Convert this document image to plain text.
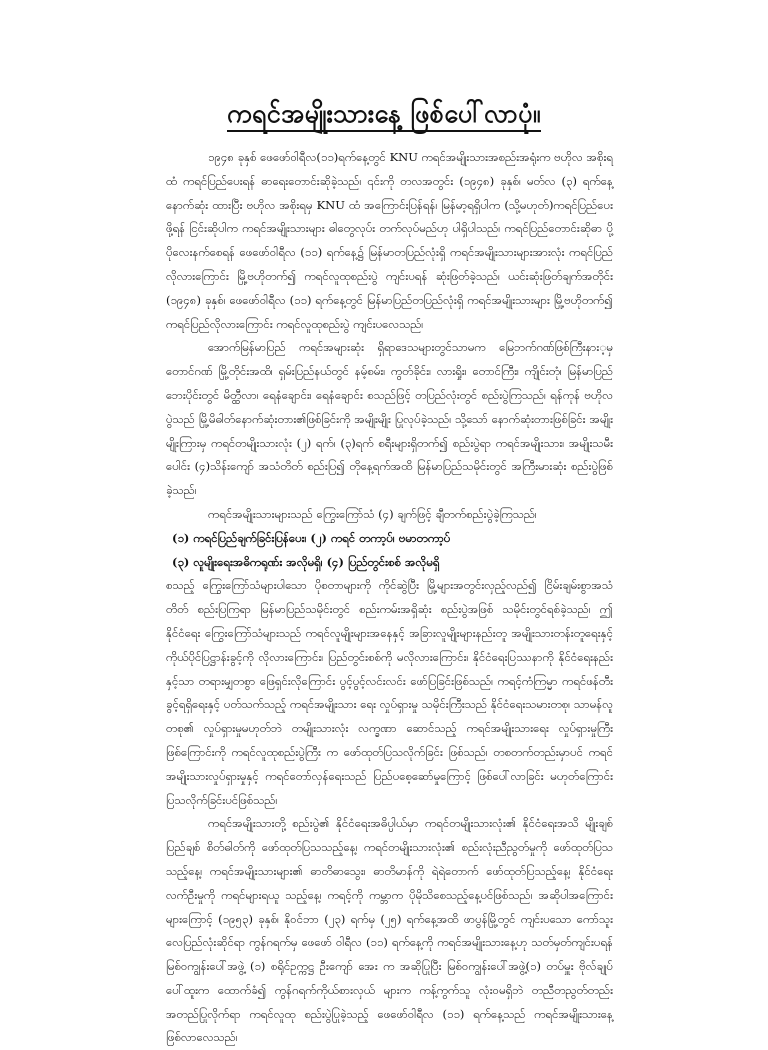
ကရင်အမျိုးသားနေ့ ဖြစ်ပေါ်လာပုံ။

၁၉၄၈ ခုနှစ် ဖေဖော်ဝါရီလ(၁၁)ရက်နေ့တွင် KNU ကရင်အမျိုးသားအစည်းအရုံးက ဗဟိုလ အစိုးရထံ ကရင်ပြည်ပေးရန် ဓာရေးတောင်းဆိုခဲ့သည်၊ ၎င်းကို တလအတွင်း (၁၉၄၈) ခုနှစ်၊ မတ်လ (၃) ရက်နေ့ နောက်ဆုံး ထားပြီး ဗဟိုလ အစိုးရမှ KNU ထံ အကြောင်းပြန်ရန်၊ မြန်မာ့ရရှိပါက (သို့မဟုတ်)ကရင်ပြည်ပေးဖို့ရန် ငြင်းဆိုပါက ကရင်အမျိုးသားများ ဓါတွေလုပ်း တက်လုပ်မည်ဟု ပါရှိပါသည်၊ ကရင်ပြည်တောင်းဆိုဓာ ပို့ပိုလေးနက်စေရန် ဖေဖော်ဝါရီလ (၁၁) ရက်နေ့၌ မြန်မာတပြည်လုံးရှိ ကရင်အမျိုးသားများအားလုံး ကရင်ပြည်လိုလားကြောင်း မြို့ဗဟိုတက်၍ ကရင်လူထုစည်းပွဲ ကျင်းပရန် ဆုံးဖြတ်ခဲ့သည်၊ ယင်းဆုံးဖြတ်ချက်အတိုင်း (၁၉၄၈) ခုနှစ်၊ ဖေဖော်ဝါရီလ (၁၁) ရက်နေ့တွင် မြန်မာပြည်တပြည်လုံးရှိ ကရင်အမျိုးသားများ မြို့ဗဟိုတက်၍ ကရင်ပြည်လိုလားကြောင်း ကရင်လူထုစည်းပွဲ ကျင်းပလေသည်၊

အောက်မြန်မာပြည် ကရင်အများဆုံး ရှိရာဒေသများတွင်သာမက မြေဘက်ဂဏ်ဖြစ်ကြီးနား့မှ တောင်ဂဏ် မြို့တိုင်းအထိ၊ ရှမ်းပြည်နယ်တွင် နမ့်စမ်း၊ ကွတ်ခိုင်း၊ လားရှိုး၊ တောင်ကြီး၊ ကျိုင်းတုံ၊ မြန်မာပြည်ဘေးပိုင်းတွင် မိတ္ထီလာ၊ ရေနံချောင်း၊ ရေနံချောင်း စသည်ဖြင့် တပြည်လုံးတွင် စည်းပွဲကြသည်၊ ရန်ကုန် ဗဟိုလ ပွဲသည် မြို့မိဓါတ်နောက်ဆုံးတား၏ဖြစ်ခြင်းကို အမျိုးမျိုး ပြုလုပ်ခဲ့သည်၊ သို့သော် နောက်ဆုံးတားဖြစ်ခြင်း အမျိုးမျိုးကြားမှ ကရင်တမျိုးသားလုံး (၂) ရက်၊ (၃)ရက် စရီးများရှိတက်၍ စည်းပွဲရာ ကရင်အမျိုးသား၊ အမျိုးသမီးပေါင်း (၄)သိန်းကျော် အသံတိတ် စည်းပြ၍ တိုနေ့ရက်အထိ မြန်မာပြည်သမိုင်းတွင် အကြီးမားဆုံး စည်းပွဲဖြစ်ခဲ့သည်၊

ကရင်အမျိုးသားများသည် ကြွေးကြော်သံ (၄) ချက်ဖြင့် ချီတက်စည်းပွဲခဲ့ကြသည်၊

(၁) ကရင်ပြည်ချက်ခြင်းပြန်ပေး၊ (၂) ကရင် တကာ့ပ်၊ ဗမာတကာ့ပ်

(၃) လူမျိုးရေးအဓိကရုဏ်း အလိုမရှိ၊ (၄) ပြည်တွင်းစစ် အလိုမရှိ

စသည့် ကြွေးကြော်သံများပါသော ပိုစတာများကို ကိုင်ဆွဲပြီး မြို့များအတွင်းလှည့်လည်၍ ငြိမ်းချမ်းစွာအသံတိတ် စည်းပြကြရာ မြန်မာပြည်သမိုင်းတွင် စည်းကမ်းအရှိဆုံး စည်းပွဲအဖြစ် သမိုင်းတွင်ရစ်ခဲ့သည်၊ ဤနိုင်ငံရေး ကြွေးကြော်သံများသည် ကရင်လူမျိုးများအနေနှင့် အခြားလူမျိုးများနည်းတူ အမျိုးသားတန်းတူရေးနှင့် ကိုယ်ပိုင်ပြဋ္ဌာန်းခွင့်ကို လိုလားကြောင်း၊ ပြည်တွင်းစစ်ကို မလိုလားကြောင်း၊ နိုင်ငံရေးပြဿနာကို နိုင်ငံရေးနည်းနှင့်သာ တရားမျှတစွာ ဖြေရှင်းလိုကြောင်း ပွင့်ပွင့်လင်းလင်း ဖော်ပြခြင်းဖြစ်သည်၊ ကရင့်ကံကြမ္မာ ကရင်ဖန်တီးခွင့်ရရှိရေးနှင့် ပတ်သက်သည့် ကရင်အမျိုးသား ရေး လှုပ်ရှားမှု သမိုင်းကြီးသည် နိုင်ငံရေးသမားတစု၊ သာမန်လူတစု၏ လှုပ်ရှားမှုမဟုတ်ဘဲ တမျိုးသားလုံး လက္ခဏာ ဆောင်သည့် ကရင်အမျိုးသားရေး လှုပ်ရှားမှုကြီး ဖြစ်ကြောင်းကို ကရင်လူထုစည်းပွဲကြီး က ဖော်ထုတ်ပြသလိုက်ခြင်း ဖြစ်သည်၊ တစတက်တည်းမှာပင် ကရင်အမျိုးသားလှုပ်ရှားမှုနှင့် ကရင်တော်လှန်ရေးသည် ပြည်ပစေ့ဆော်မှုကြောင့် ဖြစ်ပေါ်လာခြင်း မဟုတ်ကြောင်း ပြသလိုက်ခြင်းပင်ဖြစ်သည်၊

ကရင်အမျိုးသားတို့ စည်းပွဲ၏ နိုင်ငံရေးအဓိပ္ပါယ်မှာ ကရင်တမျိုးသားလုံး၏ နိုင်ငံရေးအသိ မျိုးချစ်ပြည်ချစ် စိတ်ဓါတ်ကို ဖော်ထုတ်ပြသသည့်နေ့၊ ကရင်တမျိုးသားလုံး၏ စည်းလုံးညီညွတ်မှုကို ဖော်ထုတ်ပြသသည့်နေ့၊ ကရင်အမျိုးသားများ၏ ဓာတိဓာသွေး၊ ဓာတိမာန်ကို ရဲရဲတောက် ဖော်ထုတ်ပြသည့်နေ့၊ နိုင်ငံရေး လက်ဦးမှုကို ကရင်များရယူ သည့်နေ့၊ ကရင့်ကို ကမ္ဘာက ပိုမိုသိစေသည့်နေ့ပင်ဖြစ်သည်၊ အဆိုပါအကြောင်းများကြောင့် (၁၉၅၃) ခုနှစ်၊ နိုဝင်ဘာ (၂၃) ရက်မှ (၂၅) ရက်နေ့အထိ ဖာပွန်မြို့တွင် ကျင်းပသော ကော်သူးလေပြည်လုံးဆိုင်ရာ ကွန်ဂရက်မှ ဖေဖော် ဝါရီလ (၁၁) ရက်နေ့ကို ကရင်အမျိုးသားနေ့ဟု သတ်မှတ်ကျင်းပရန် မြစ်ဝကျွန်းပေါ်အဖွဲ့ (၁) စရိုင်ဥက္ကဋ္ဌ ဦးကျော် အေး က အဆိုပြုပြီး မြစ်ဝကျွန်းပေါ်အဖွဲ့(၁) တပ်မှူး ဗိုလ်ချုပ်ပေါ်ထူးက ထောက်ခံ၍ ကွန်ဂရက်ကိုယ်စားလှယ် များက ကန့်ကွက်သူ လုံးဝမရှိဘဲ တညီတညွတ်တည်း အတည်ပြုလိုက်ရာ ကရင်လူထု စည်းပွဲပြုခဲ့သည့် ဖေဖော်ဝါရီလ (၁၁) ရက်နေ့သည် ကရင်အမျိုးသားနေ့ ဖြစ်လာလေသည်၊
